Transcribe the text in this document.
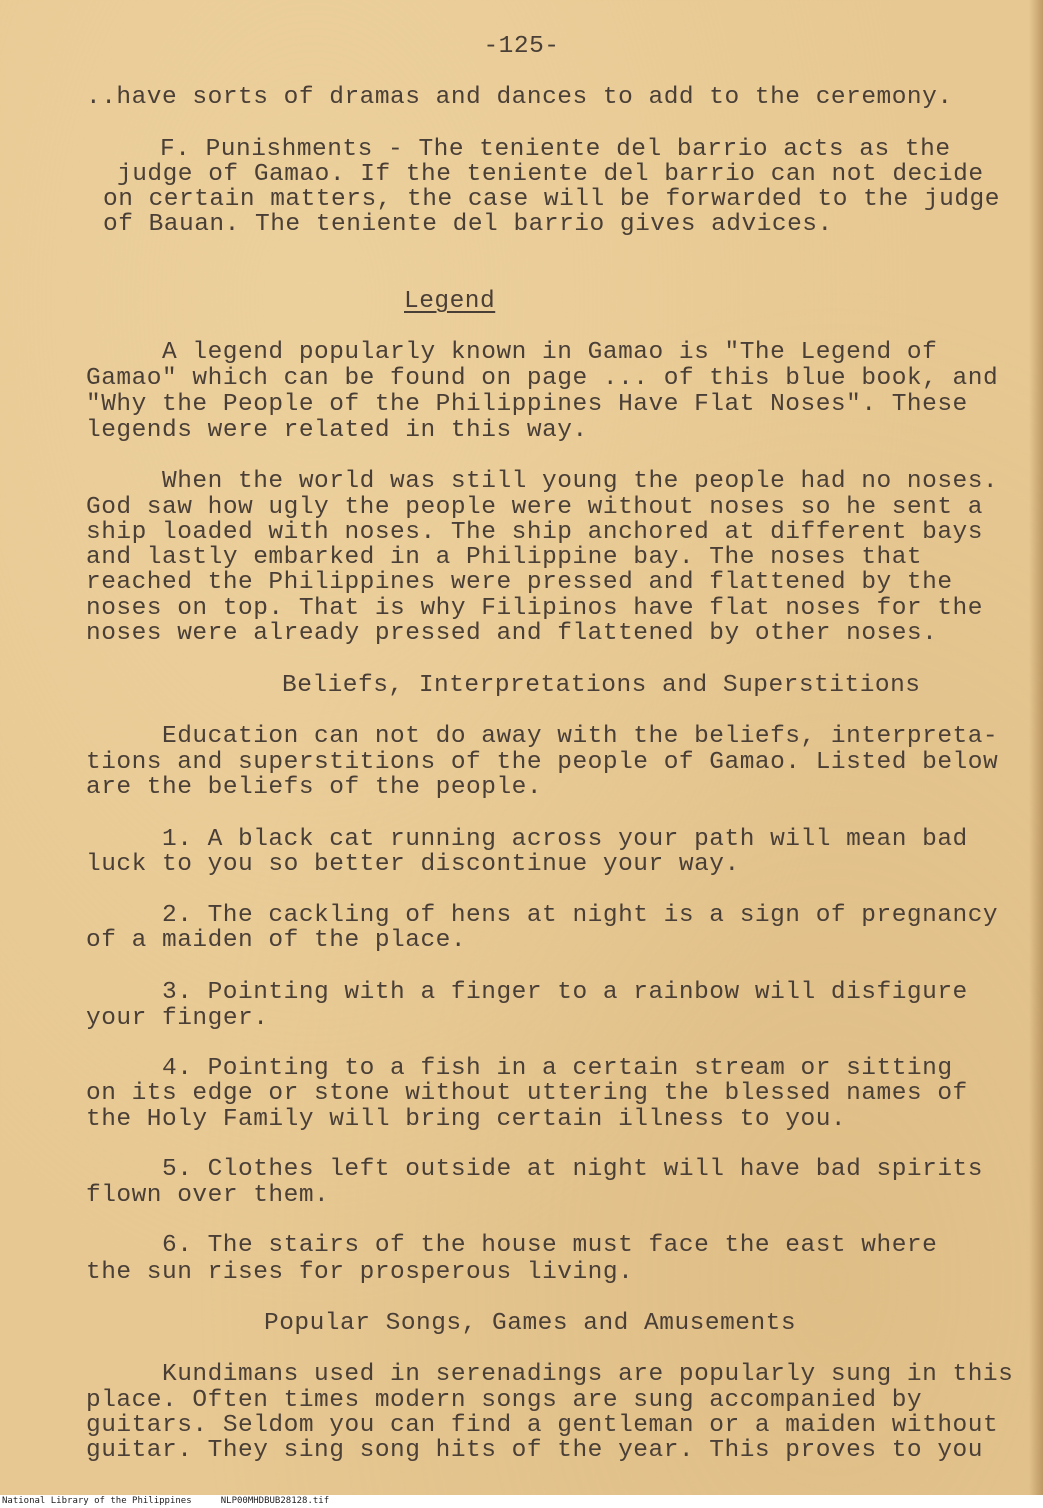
-125-

..have sorts of dramas and dances to add to the ceremony.

F. Punishments - The teniente del barrio acts as the

judge of Gamao. If the teniente del barrio can not decide

on certain matters, the case will be forwarded to the judge

of Bauan. The teniente del barrio gives advices.

Legend

A legend popularly known in Gamao is "The Legend of

Gamao" which can be found on page ... of this blue book, and

"Why the People of the Philippines Have Flat Noses". These

legends were related in this way.

When the world was still young the people had no noses.

God saw how ugly the people were without noses so he sent a

ship loaded with noses. The ship anchored at different bays

and lastly embarked in a Philippine bay. The noses that

reached the Philippines were pressed and flattened by the

noses on top. That is why Filipinos have flat noses for the

noses were already pressed and flattened by other noses.

Beliefs, Interpretations and Superstitions

Education can not do away with the beliefs, interpreta-

tions and superstitions of the people of Gamao. Listed below

are the beliefs of the people.

1. A black cat running across your path will mean bad

luck to you so better discontinue your way.

2. The cackling of hens at night is a sign of pregnancy

of a maiden of the place.

3. Pointing with a finger to a rainbow will disfigure

your finger.

4. Pointing to a fish in a certain stream or sitting

on its edge or stone without uttering the blessed names of

the Holy Family will bring certain illness to you.

5. Clothes left outside at night will have bad spirits

flown over them.

6. The stairs of the house must face the east where

the sun rises for prosperous living.

Popular Songs, Games and Amusements

Kundimans used in serenadings are popularly sung in this

place. Often times modern songs are sung accompanied by

guitars. Seldom you can find a gentleman or a maiden without

guitar. They sing song hits of the year. This proves to you

National Library of the Philippines	NLP00MHDBUB28128.tif
